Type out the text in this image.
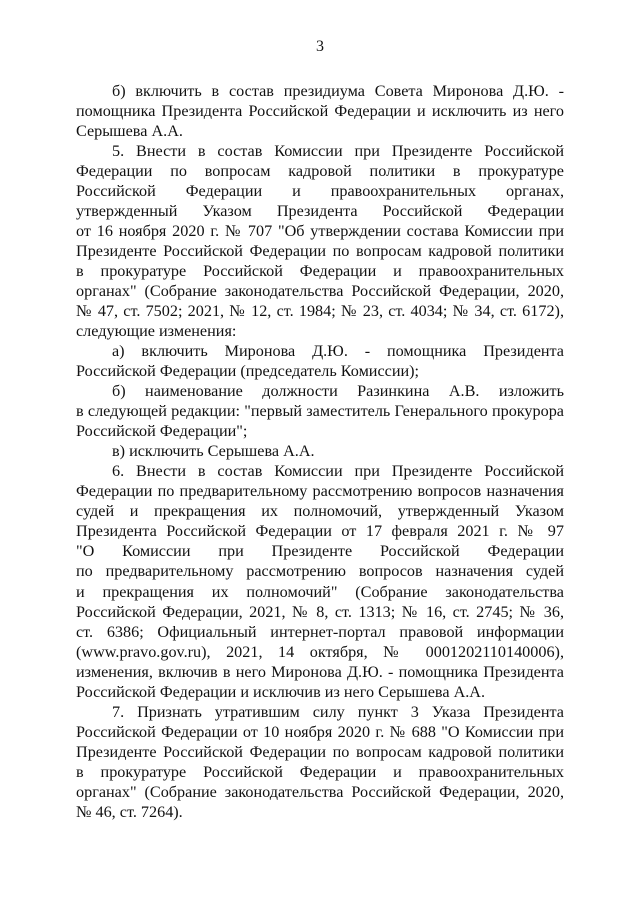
3
б) включить в состав президиума Совета Миронова Д.Ю. -
помощника Президента Российской Федерации и исключить из него
Серышева А.А.
5. Внести в состав Комиссии при Президенте Российской
Федерации по вопросам кадровой политики в прокуратуре
Российской Федерации и правоохранительных органах,
утвержденный Указом Президента Российской Федерации
от 16 ноября 2020 г. № 707 "Об утверждении состава Комиссии при
Президенте Российской Федерации по вопросам кадровой политики
в прокуратуре Российской Федерации и правоохранительных
органах" (Собрание законодательства Российской Федерации, 2020,
№ 47, ст. 7502; 2021, № 12, ст. 1984; № 23, ст. 4034; № 34, ст. 6172),
следующие изменения:
а) включить Миронова Д.Ю. - помощника Президента
Российской Федерации (председатель Комиссии);
б) наименование должности Разинкина А.В. изложить
в следующей редакции: "первый заместитель Генерального прокурора
Российской Федерации";
в) исключить Серышева А.А.
6. Внести в состав Комиссии при Президенте Российской
Федерации по предварительному рассмотрению вопросов назначения
судей и прекращения их полномочий, утвержденный Указом
Президента Российской Федерации от 17 февраля 2021 г. № 97
"О Комиссии при Президенте Российской Федерации
по предварительному рассмотрению вопросов назначения судей
и прекращения их полномочий" (Собрание законодательства
Российской Федерации, 2021, № 8, ст. 1313; № 16, ст. 2745; № 36,
ст. 6386; Официальный интернет-портал правовой информации
(www.pravo.gov.ru), 2021, 14 октября, № 0001202110140006),
изменения, включив в него Миронова Д.Ю. - помощника Президента
Российской Федерации и исключив из него Серышева А.А.
7. Признать утратившим силу пункт 3 Указа Президента
Российской Федерации от 10 ноября 2020 г. № 688 "О Комиссии при
Президенте Российской Федерации по вопросам кадровой политики
в прокуратуре Российской Федерации и правоохранительных
органах" (Собрание законодательства Российской Федерации, 2020,
№ 46, ст. 7264).
